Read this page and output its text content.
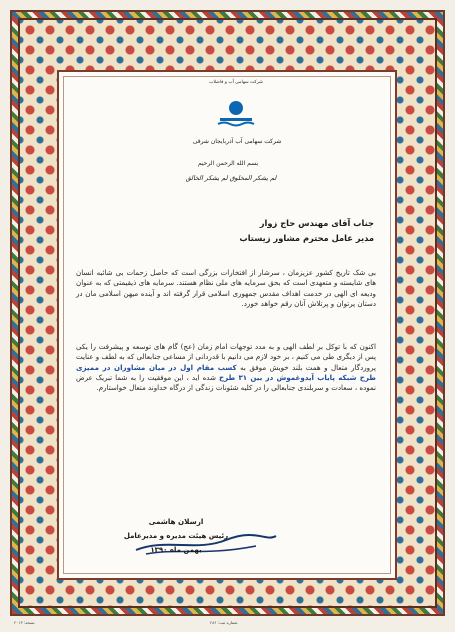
شرکت سهامی آب و فاضلاب
شرکت سهامی آب آذربایجان شرقی
بسم الله الرحمن الرحیم
لم یشکر المخلوق لم یشکر الخالق
جناب آقای مهندس حاج زوار
مدیر عامل محترم مشاور زیستاب
بی شک تاریخ کشور عزیزمان ، سرشار از افتخارات بزرگی است که حاصل زحمات بی شائبه انسان های شایسته و متعهدی است که بحق سرمایه های ملی نظام هستند. سرمایه های ذیقیمتی که به عنوان ودیعه ای الهی در خدمت اهداف مقدس جمهوری اسلامی قرار گرفته اند و آینده میهن اسلامی مان در دستان پرتوان و پرتلاش آنان رقم خواهد خورد.
اکنون که با توکل بر لطف الهی و به مدد توجهات امام زمان (عج) گام های توسعه و پیشرفت را یکی پس از دیگری طی می کنیم ، بر خود لازم می دانیم با قدردانی از مساعی جنابعالی که به لطف و عنایت پروردگار متعال و همت بلند خویش موفق به کسب مقام اول در میان مشاوران در ممیزی طرح شبکه پایاب آیدوغموش در بین ۳۱ طرح شده اید ، این موفقیت را به شما تبریک عرض نموده ، سعادت و سربلندی جنابعالی را در کلیه شئونات زندگی از درگاه خداوند متعال خواستارم.
ارسلان هاشمی
رئیس هیئت مدیره و مدیرعامل
بهمن ماه ۱۳۹۰
نسخه: ۲۰۱۳	شماره ثبت: ۲۸۶
